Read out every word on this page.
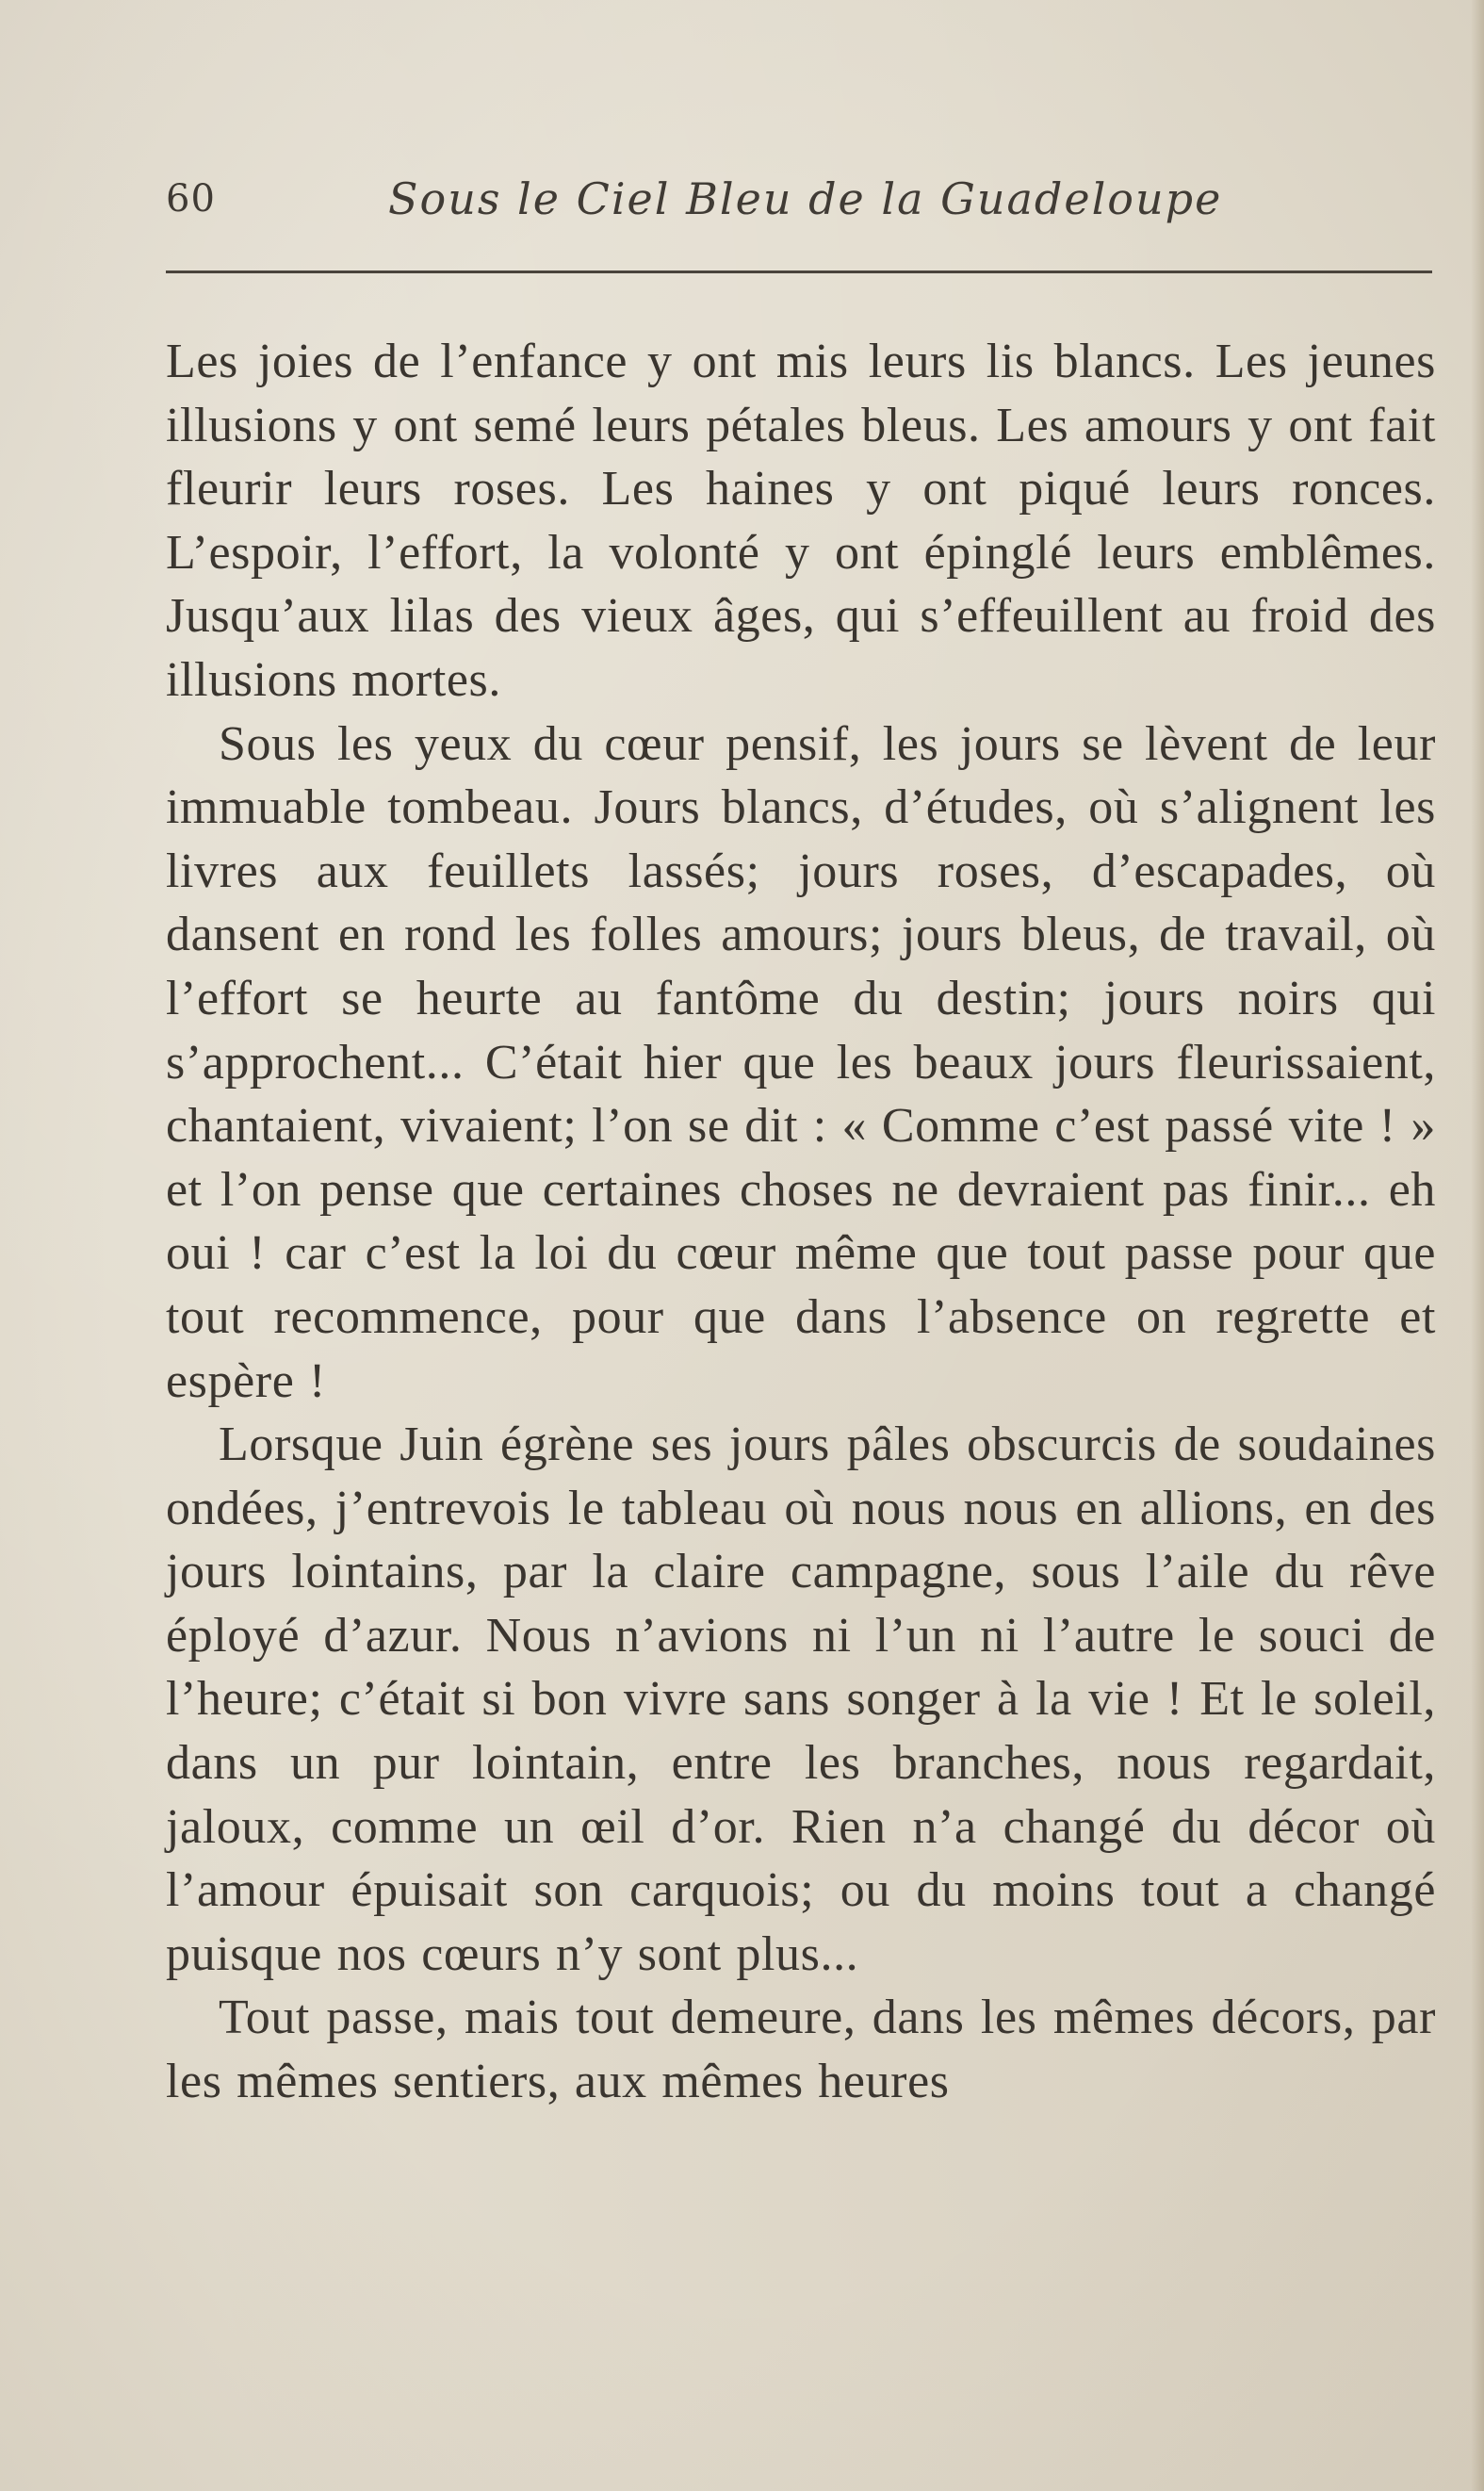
60	Sous le Ciel Bleu de la Guadeloupe

Les joies de l’enfance y ont mis leurs lis blancs. Les jeunes illusions y ont semé leurs pétales bleus. Les amours y ont fait fleurir leurs roses. Les haines y ont piqué leurs ronces. L’espoir, l’effort, la volonté y ont épinglé leurs emblêmes. Jusqu’aux lilas des vieux âges, qui s’effeuillent au froid des illusions mortes.

Sous les yeux du cœur pensif, les jours se lèvent de leur immuable tombeau. Jours blancs, d’études, où s’alignent les livres aux feuillets lassés; jours roses, d’escapades, où dansent en rond les folles amours; jours bleus, de travail, où l’effort se heurte au fantôme du destin; jours noirs qui s’approchent... C’était hier que les beaux jours fleurissaient, chantaient, vivaient; l’on se dit : « Comme c’est passé vite ! » et l’on pense que certaines choses ne devraient pas finir... eh oui ! car c’est la loi du cœur même que tout passe pour que tout recommence, pour que dans l’absence on regrette et espère !

Lorsque Juin égrène ses jours pâles obscurcis de soudaines ondées, j’entrevois le tableau où nous nous en allions, en des jours lointains, par la claire campagne, sous l’aile du rêve éployé d’azur. Nous n’avions ni l’un ni l’autre le souci de l’heure; c’était si bon vivre sans songer à la vie ! Et le soleil, dans un pur lointain, entre les branches, nous regardait, jaloux, comme un œil d’or. Rien n’a changé du décor où l’amour épuisait son carquois; ou du moins tout a changé puisque nos cœurs n’y sont plus...

Tout passe, mais tout demeure, dans les mêmes décors, par les mêmes sentiers, aux mêmes heures
